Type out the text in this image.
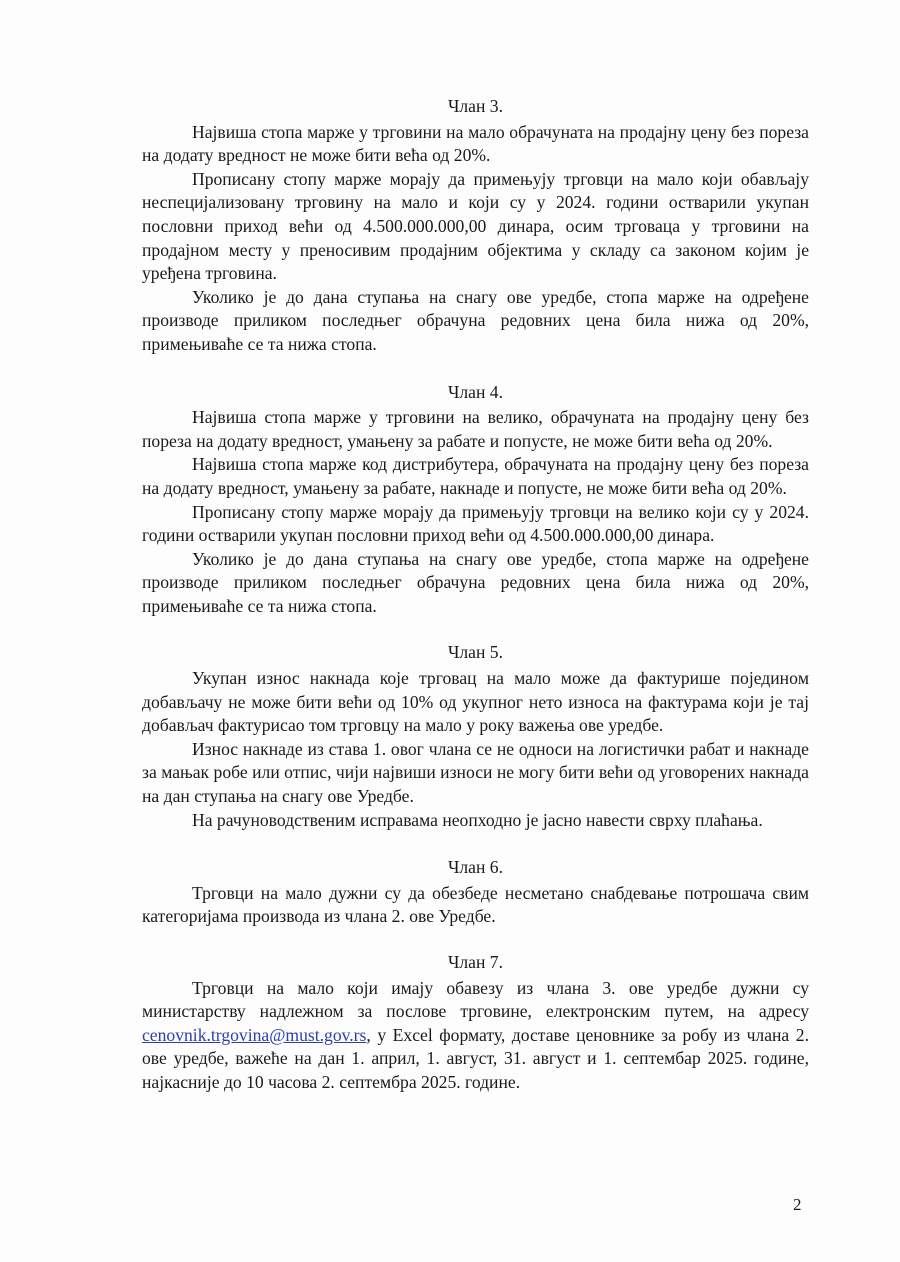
Члан 3.

Највиша стопа марже у трговини на мало обрачуната на продајну цену без пореза на додату вредност не може бити већа од 20%.

Прописану стопу марже морају да примењују трговци на мало који обављају неспецијализовану трговину на мало и који су у 2024. години остварили укупан пословни приход већи од 4.500.000.000,00 динара, осим трговаца у трговини на продајном месту у преносивим продајним објектима у складу са законом којим је уређена трговина.

Уколико је до дана ступања на снагу ове уредбе, стопа марже на одређене производе приликом последњег обрачуна редовних цена била нижа од 20%, примењиваће се та нижа стопа.

Члан 4.

Највиша стопа марже у трговини на велико, обрачуната на продајну цену без пореза на додату вредност, умањену за рабате и попусте, не може бити већа од 20%.

Највиша стопа марже код дистрибутера, обрачуната на продајну цену без пореза на додату вредност, умањену за рабате, накнаде и попусте, не може бити већа од 20%.

Прописану стопу марже морају да примењују трговци на велико који су у 2024. години остварили укупан пословни приход већи од 4.500.000.000,00 динара.

Уколико је до дана ступања на снагу ове уредбе, стопа марже на одређене производе приликом последњег обрачуна редовних цена била нижа од 20%, примењиваће се та нижа стопа.

Члан 5.

Укупан износ накнада које трговац на мало може да фактурише појединoм добављачу не може бити већи од 10% од укупног нето износа на фактурама који је тај добављач фактурисао том трговцу на мало у року важења ове уредбе.

Износ накнаде из става 1. овог члана се не односи на логистички рабат и накнаде за мањак робе или отпис, чији највиши износи не могу бити већи од уговорених накнада на дан ступања на снагу ове Уредбе.

На рачуноводственим исправама неопходно је јасно навести сврху плаћања.

Члан 6.

Трговци на мало дужни су да обезбеде несметано снабдевање потрошача свим категоријама производа из члана 2. ове Уредбе.

Члан 7.

Трговци на мало који имају обавезу из члана 3. ове уредбе дужни су министарству надлежном за послове трговине, електронским путем, на адресу cenovnik.trgovina@must.gov.rs, у Excel формату, доставе ценовнике за робу из члана 2. ове уредбе, важеће на дан 1. април, 1. август, 31. август и 1. септембар 2025. године, најкасније до 10 часова 2. септембра 2025. године.

2
